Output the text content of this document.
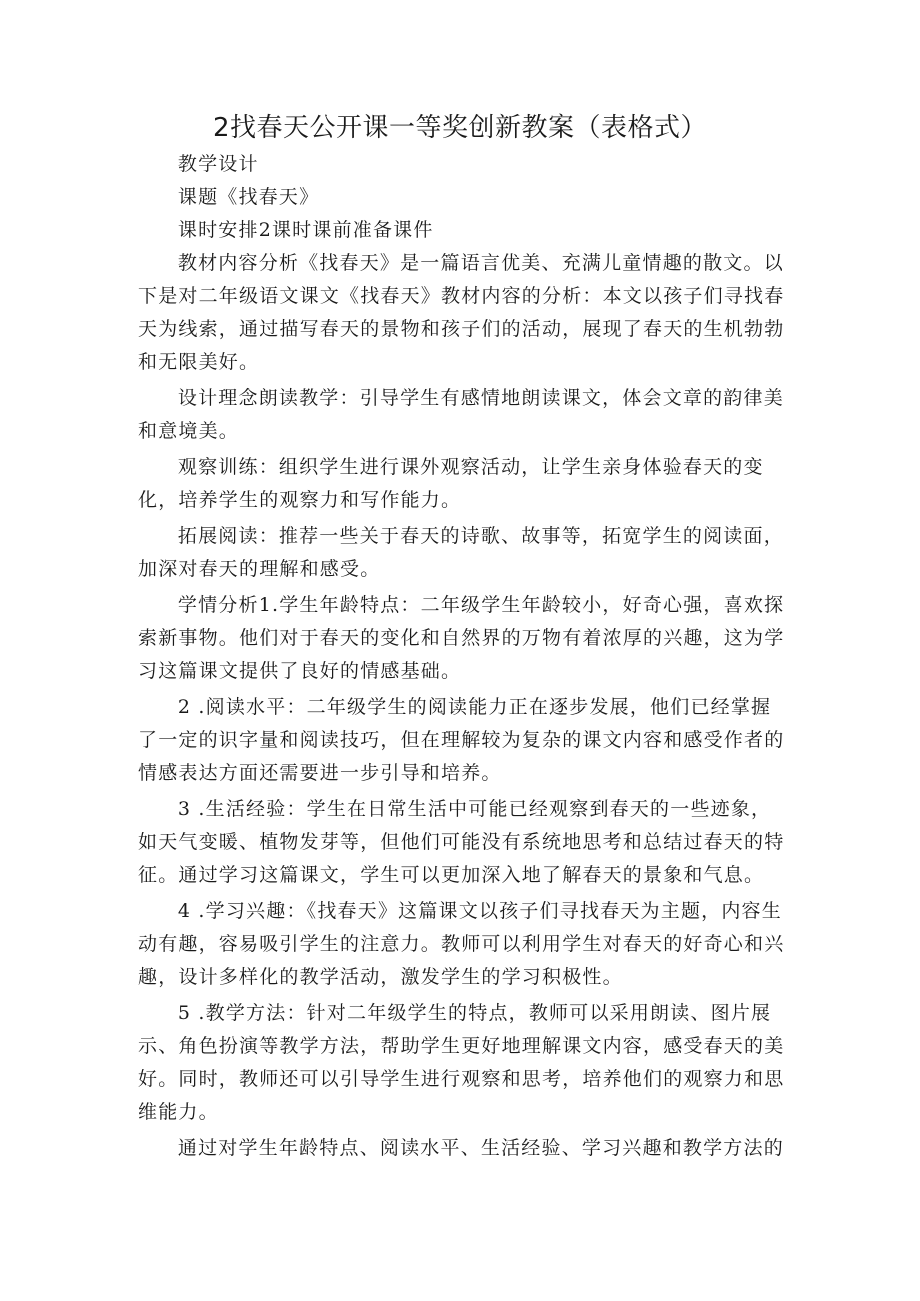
2找春天公开课一等奖创新教案（表格式）

教学设计

课题《找春天》

课时安排2课时课前准备课件

教材内容分析《找春天》是一篇语言优美、充满儿童情趣的散文。以下是对二年级语文课文《找春天》教材内容的分析：本文以孩子们寻找春天为线索，通过描写春天的景物和孩子们的活动，展现了春天的生机勃勃和无限美好。

设计理念朗读教学：引导学生有感情地朗读课文，体会文章的韵律美和意境美。

观察训练：组织学生进行课外观察活动，让学生亲身体验春天的变化，培养学生的观察力和写作能力。

拓展阅读：推荐一些关于春天的诗歌、故事等，拓宽学生的阅读面，加深对春天的理解和感受。

学情分析1.学生年龄特点：二年级学生年龄较小，好奇心强，喜欢探索新事物。他们对于春天的变化和自然界的万物有着浓厚的兴趣，这为学习这篇课文提供了良好的情感基础。

2 .阅读水平：二年级学生的阅读能力正在逐步发展，他们已经掌握了一定的识字量和阅读技巧，但在理解较为复杂的课文内容和感受作者的情感表达方面还需要进一步引导和培养。

3 .生活经验：学生在日常生活中可能已经观察到春天的一些迹象，如天气变暖、植物发芽等，但他们可能没有系统地思考和总结过春天的特征。通过学习这篇课文，学生可以更加深入地了解春天的景象和气息。

4 .学习兴趣：《找春天》这篇课文以孩子们寻找春天为主题，内容生动有趣，容易吸引学生的注意力。教师可以利用学生对春天的好奇心和兴趣，设计多样化的教学活动，激发学生的学习积极性。

5 .教学方法：针对二年级学生的特点，教师可以采用朗读、图片展示、角色扮演等教学方法，帮助学生更好地理解课文内容，感受春天的美好。同时，教师还可以引导学生进行观察和思考，培养他们的观察力和思维能力。

通过对学生年龄特点、阅读水平、生活经验、学习兴趣和教学方法的
